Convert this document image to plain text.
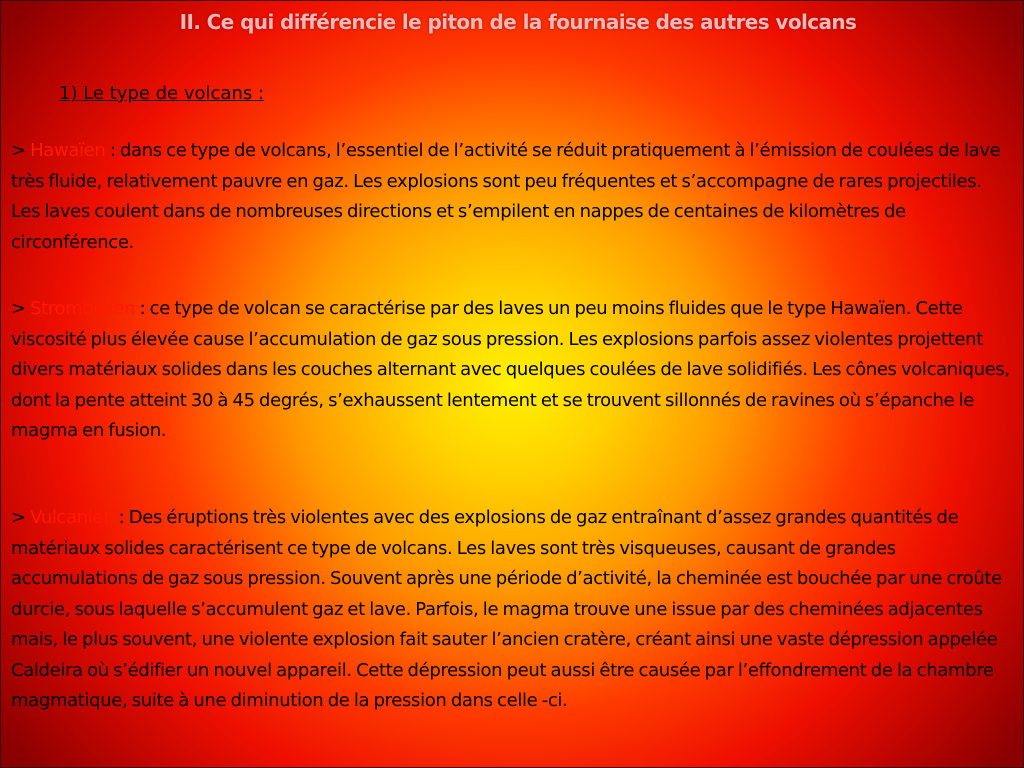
II. Ce qui différencie le piton de la fournaise des autres volcans
1) Le type de volcans :
> Hawaïen : dans ce type de volcans, l’essentiel de l’activité se réduit pratiquement à l’émission de coulées de lave très fluide, relativement pauvre en gaz. Les explosions sont peu fréquentes et s’accompagne de rares projectiles. Les laves coulent dans de nombreuses directions et s’empilent en nappes de centaines de kilomètres de circonférence.
> Strombolien : ce type de volcan se caractérise par des laves un peu moins fluides que le type Hawaïen. Cette viscosité plus élevée cause l’accumulation de gaz sous pression. Les explosions parfois assez violentes projettent divers matériaux solides dans les couches alternant avec quelques coulées de lave solidifiés. Les cônes volcaniques, dont la pente atteint 30 à 45 degrés, s’exhaussent lentement et se trouvent sillonnés de ravines où s’épanche le magma en fusion.
> Vulcanien : Des éruptions très violentes avec des explosions de gaz entraînant d’assez grandes quantités de matériaux solides caractérisent ce type de volcans. Les laves sont très visqueuses, causant de grandes accumulations de gaz sous pression. Souvent après une période d’activité, la cheminée est bouchée par une croûte durcie, sous laquelle s’accumulent gaz et lave. Parfois, le magma trouve une issue par des cheminées adjacentes mais, le plus souvent, une violente explosion fait sauter l’ancien cratère, créant ainsi une vaste dépression appelée Caldeira où s’édifier un nouvel appareil. Cette dépression peut aussi être causée par l’effondrement de la chambre magmatique, suite à une diminution de la pression dans celle -ci.
